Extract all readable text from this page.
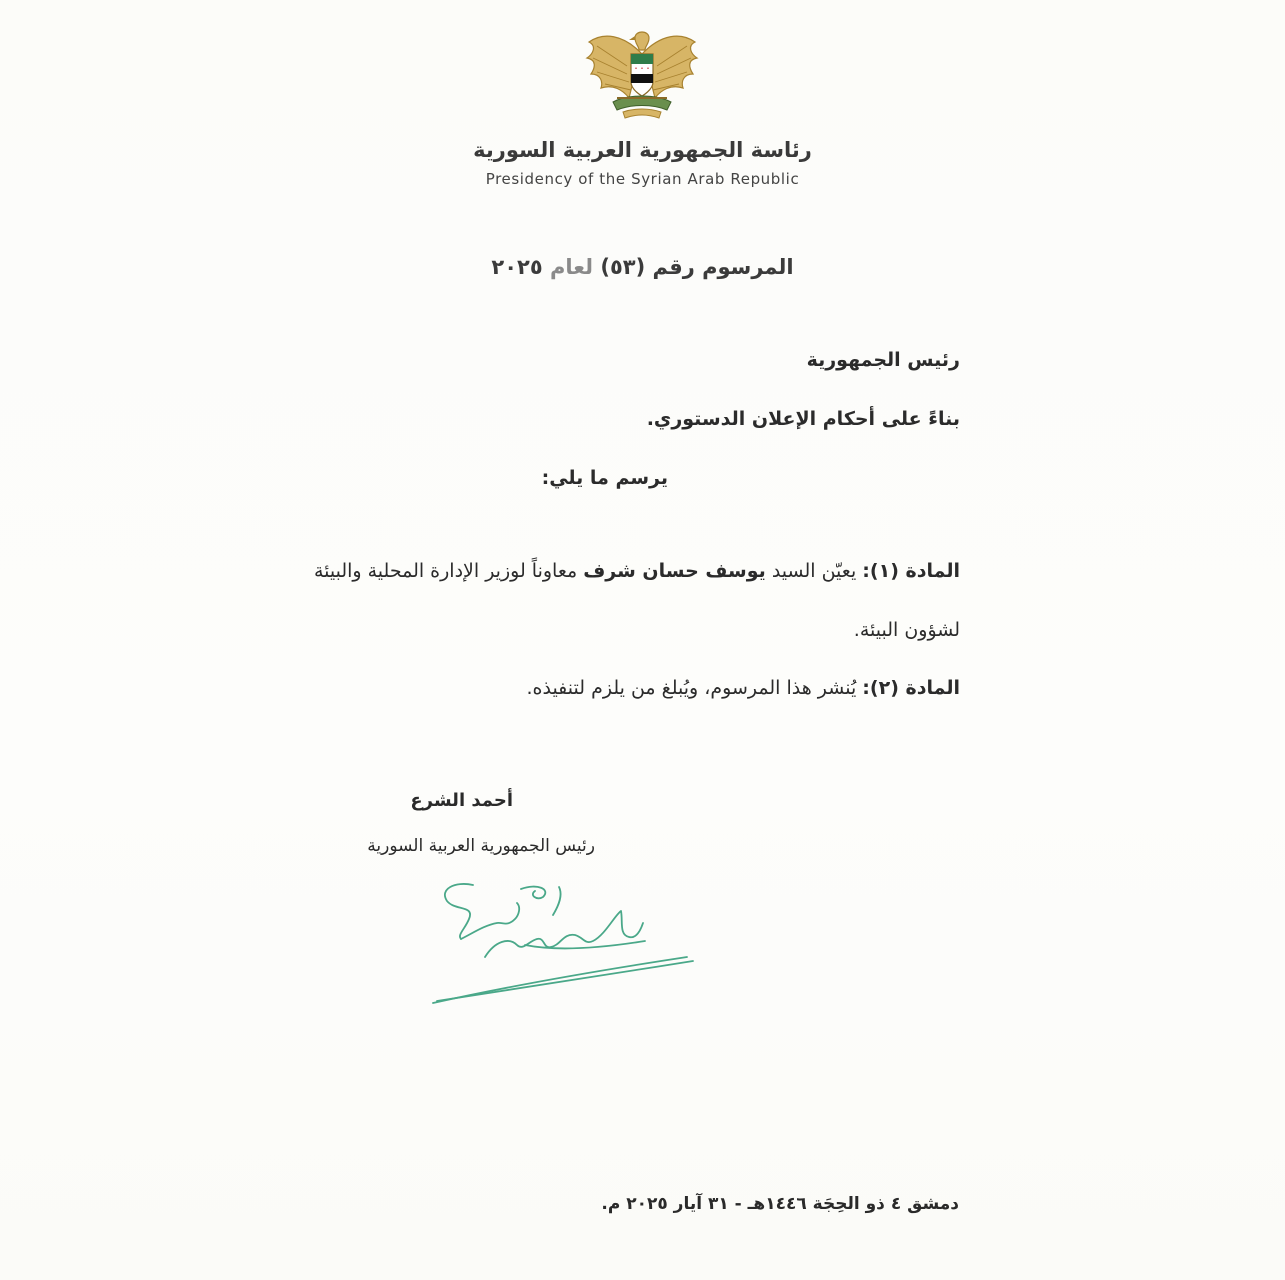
رئاسة الجمهورية العربية السورية
Presidency of the Syrian Arab Republic
المرسوم رقم (٥٣) لعام ٢٠٢٥
رئيس الجمهورية
بناءً على أحكام الإعلان الدستوري.
يرسم ما يلي:
المادة (١): يعيّن السيد يوسف حسان شرف معاوناً لوزير الإدارة المحلية والبيئة
لشؤون البيئة.
المادة (٢): يُنشر هذا المرسوم، ويُبلغ من يلزم لتنفيذه.
أحمد الشرع
رئيس الجمهورية العربية السورية
دمشق ٤ ذو الحِجَة ١٤٤٦هـ - ٣١ آيار ٢٠٢٥ م.
